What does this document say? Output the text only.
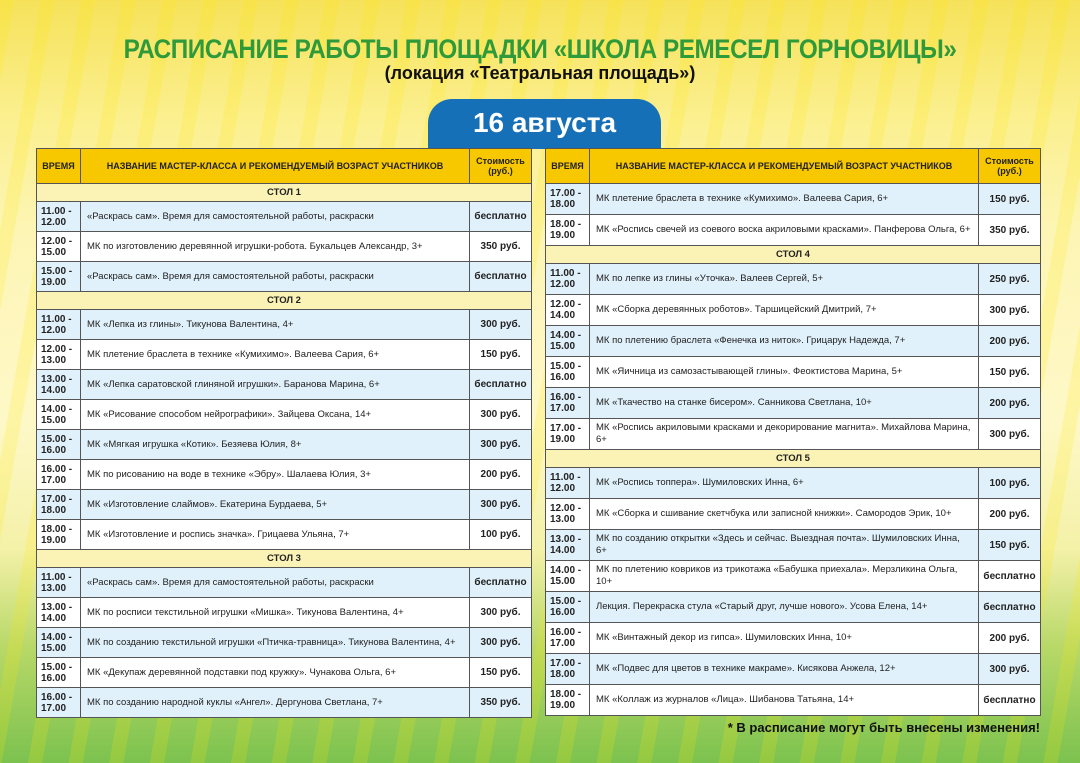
РАСПИСАНИЕ РАБОТЫ ПЛОЩАДКИ «ШКОЛА РЕМЕСЕЛ ГОРНОВИЦЫ»
(локация «Театральная площадь»)
16 августа
ВРЕМЯ	НАЗВАНИЕ МАСТЕР-КЛАССА И РЕКОМЕНДУЕМЫЙ ВОЗРАСТ УЧАСТНИКОВ	Стоимость (руб.)
СТОЛ 1		
11.00 - 12.00	«Раскрась сам». Время для самостоятельной работы, раскраски	бесплатно
12.00 - 15.00	МК по изготовлению деревянной игрушки-робота. Букальцев Александр, 3+	350 руб.
15.00 - 19.00	«Раскрась сам». Время для самостоятельной работы, раскраски	бесплатно
СТОЛ 2		
11.00 - 12.00	МК «Лепка из глины». Тикунова Валентина, 4+	300 руб.
12.00 - 13.00	МК плетение браслета в технике «Кумихимо». Валеева Сария, 6+	150 руб.
13.00 - 14.00	МК «Лепка саратовской глиняной игрушки». Баранова Марина, 6+	бесплатно
14.00 - 15.00	МК «Рисование способом нейрографики». Зайцева Оксана, 14+	300 руб.
15.00 - 16.00	МК «Мягкая игрушка «Котик». Безяева Юлия, 8+	300 руб.
16.00 - 17.00	МК по рисованию на воде в технике «Эбру». Шалаева Юлия, 3+	200 руб.
17.00 - 18.00	МК «Изготовление слаймов». Екатерина Бурдаева, 5+	300 руб.
18.00 - 19.00	МК «Изготовление и роспись значка». Грицаева Ульяна, 7+	100 руб.
СТОЛ 3		
11.00 - 13.00	«Раскрась сам». Время для самостоятельной работы, раскраски	бесплатно
13.00 - 14.00	МК по росписи текстильной игрушки «Мишка». Тикунова Валентина, 4+	300 руб.
14.00 - 15.00	МК по созданию текстильной игрушки «Птичка-травница». Тикунова Валентина, 4+	300 руб.
15.00 - 16.00	МК «Декупаж деревянной подставки под кружку». Чунакова Ольга, 6+	150 руб.
16.00 - 17.00	МК по созданию народной куклы «Ангел». Дергунова Светлана, 7+	350 руб.
ВРЕМЯ	НАЗВАНИЕ МАСТЕР-КЛАССА И РЕКОМЕНДУЕМЫЙ ВОЗРАСТ УЧАСТНИКОВ	Стоимость (руб.)
17.00 - 18.00	МК плетение браслета в технике «Кумихимо». Валеева Сария, 6+	150 руб.
18.00 - 19.00	МК «Роспись свечей из соевого воска акриловыми красками». Панферова Ольга, 6+	350 руб.
СТОЛ 4		
11.00 - 12.00	МК по лепке из глины «Уточка». Валеев Сергей, 5+	250 руб.
12.00 - 14.00	МК «Сборка деревянных роботов». Таршицейский Дмитрий, 7+	300 руб.
14.00 - 15.00	МК по плетению браслета «Фенечка из ниток». Грицарук Надежда, 7+	200 руб.
15.00 - 16.00	МК «Яичница из самозастывающей глины». Феоктистова Марина, 5+	150 руб.
16.00 - 17.00	МК «Ткачество на станке бисером». Санникова Светлана, 10+	200 руб.
17.00 - 19.00	МК «Роспись акриловыми красками и декорирование магнита». Михайлова Марина, 6+	300 руб.
СТОЛ 5		
11.00 - 12.00	МК «Роспись топпера». Шумиловских Инна, 6+	100 руб.
12.00 - 13.00	МК «Сборка и сшивание скетчбука или записной книжки». Самородов Эрик, 10+	200 руб.
13.00 - 14.00	МК по созданию открытки «Здесь и сейчас. Выездная почта». Шумиловских Инна, 6+	150 руб.
14.00 - 15.00	МК по плетению ковриков из трикотажа «Бабушка приехала». Мерзликина Ольга, 10+	бесплатно
15.00 - 16.00	Лекция. Перекраска стула «Старый друг, лучше нового». Усова Елена, 14+	бесплатно
16.00 - 17.00	МК «Винтажный декор из гипса». Шумиловских Инна, 10+	200 руб.
17.00 - 18.00	МК «Подвес для цветов в технике макраме». Кисякова Анжела, 12+	300 руб.
18.00 - 19.00	МК «Коллаж из журналов «Лица». Шибанова Татьяна, 14+	бесплатно
* В расписание могут быть внесены изменения!
